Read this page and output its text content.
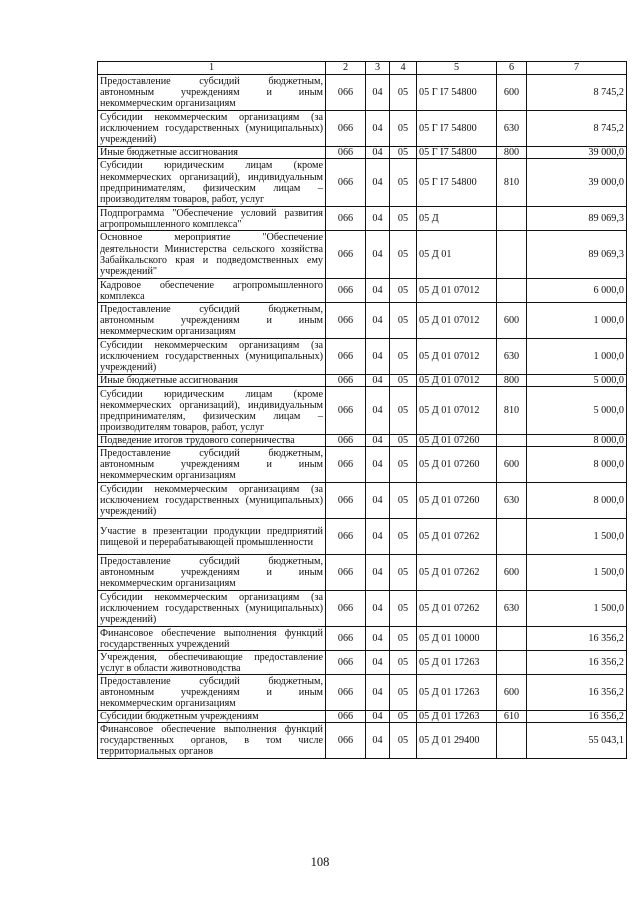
1	2	3	4	5	6	7
Предоставление субсидий бюджетным, автономным учреждениям и иным некоммерческим организациям	066	04	05	05 Г I7 54800	600	8 745,2
Субсидии некоммерческим организациям (за исключением государственных (муниципальных) учреждений)	066	04	05	05 Г I7 54800	630	8 745,2
Иные бюджетные ассигнования	066	04	05	05 Г I7 54800	800	39 000,0
Субсидии юридическим лицам (кроме некоммерческих организаций), индивидуальным предпринимателям, физическим лицам – производителям товаров, работ, услуг	066	04	05	05 Г I7 54800	810	39 000,0
Подпрограмма "Обеспечение условий развития агропромышленного комплекса"	066	04	05	05 Д		89 069,3
Основное мероприятие "Обеспечение деятельности Министерства сельского хозяйства Забайкальского края и подведомственных ему учреждений"	066	04	05	05 Д 01		89 069,3
Кадровое обеспечение агропромышленного комплекса	066	04	05	05 Д 01 07012		6 000,0
Предоставление субсидий бюджетным, автономным учреждениям и иным некоммерческим организациям	066	04	05	05 Д 01 07012	600	1 000,0
Субсидии некоммерческим организациям (за исключением государственных (муниципальных) учреждений)	066	04	05	05 Д 01 07012	630	1 000,0
Иные бюджетные ассигнования	066	04	05	05 Д 01 07012	800	5 000,0
Субсидии юридическим лицам (кроме некоммерческих организаций), индивидуальным предпринимателям, физическим лицам – производителям товаров, работ, услуг	066	04	05	05 Д 01 07012	810	5 000,0
Подведение итогов трудового соперничества	066	04	05	05 Д 01 07260		8 000,0
Предоставление субсидий бюджетным, автономным учреждениям и иным некоммерческим организациям	066	04	05	05 Д 01 07260	600	8 000,0
Субсидии некоммерческим организациям (за исключением государственных (муниципальных) учреждений)	066	04	05	05 Д 01 07260	630	8 000,0
Участие в презентации продукции предприятий пищевой и перерабатывающей промышленности	066	04	05	05 Д 01 07262		1 500,0
Предоставление субсидий бюджетным, автономным учреждениям и иным некоммерческим организациям	066	04	05	05 Д 01 07262	600	1 500,0
Субсидии некоммерческим организациям (за исключением государственных (муниципальных) учреждений)	066	04	05	05 Д 01 07262	630	1 500,0
Финансовое обеспечение выполнения функций государственных учреждений	066	04	05	05 Д 01 10000		16 356,2
Учреждения, обеспечивающие предоставление услуг в области животноводства	066	04	05	05 Д 01 17263		16 356,2
Предоставление субсидий бюджетным, автономным учреждениям и иным некоммерческим организациям	066	04	05	05 Д 01 17263	600	16 356,2
Субсидии бюджетным учреждениям	066	04	05	05 Д 01 17263	610	16 356,2
Финансовое обеспечение выполнения функций государственных органов, в том числе территориальных органов	066	04	05	05 Д 01 29400		55 043,1
108
